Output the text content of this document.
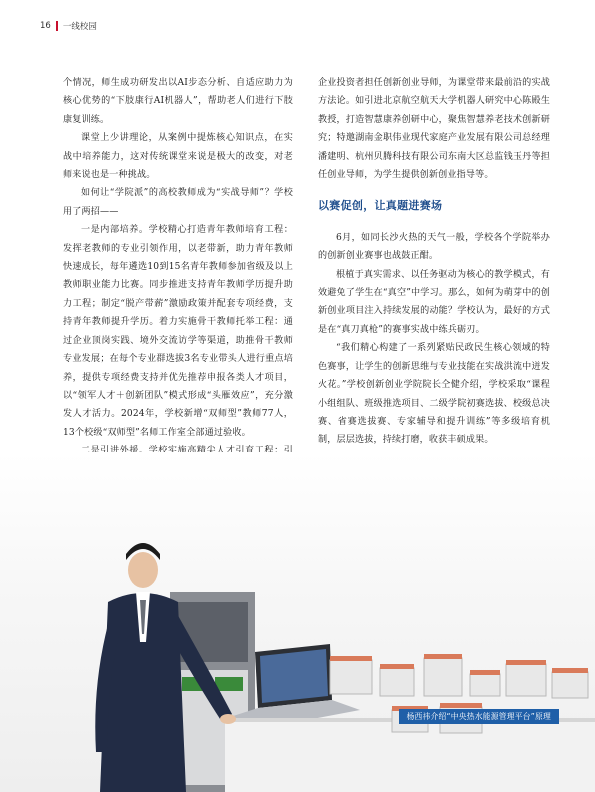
16 一线校园

个情况，师生成功研发出以AI步态分析、自适应助力为核心优势的“下肢康行AI机器人”，帮助老人们进行下肢康复训练。

课堂上少讲理论，从案例中提炼核心知识点，在实战中培养能力，这对传统课堂来说是极大的改变，对老师来说也是一种挑战。

如何让“学院派”的高校教师成为“实战导师”？学校用了两招——

一是内部培养。学校精心打造青年教师培育工程：发挥老教师的专业引领作用，以老带新，助力青年教师快速成长，每年遴选10到15名青年教师参加省级及以上教师职业能力比赛。同步推进支持青年教师学历提升助力工程；制定“脱产带薪”激励政策并配套专项经费，支持青年教师提升学历。着力实施骨干教师托举工程：通过企业顶岗实践、境外交流访学等渠道，助推骨干教师专业发展；在每个专业群选拔3名专业带头人进行重点培养，提供专项经费支持并优先推荐申报各类人才项目，以“领军人才＋创新团队”模式形成“头雁效应”，充分激发人才活力。2024年，学校新增“双师型”教师77人，13个校级“双师型”名师工作室全部通过验收。

企业投资者担任创新创业导师，为课堂带来最前沿的实战方法论。如引进北京航空航天大学机器人研究中心陈殿生教授，打造智慧康养创研中心，聚焦智慧养老技术创新研究；特邀湖南金职伟业现代家庭产业发展有限公司总经理潘建明、杭州贝腾科技有限公司东南大区总监钱玉丹等担任创业导师，为学生提供创新创业指导等。

以赛促创，让真题进赛场

6月，如同长沙火热的天气一般，学校各个学院举办的创新创业赛事也战鼓正酣。

根植于真实需求、以任务驱动为核心的教学模式，有效避免了学生在“真空”中学习。那么，如何为萌芽中的创新创业项目注入持续发展的动能？学校认为，最好的方式是在“真刀真枪”的赛事实战中练兵砺刃。

“我们精心构建了一系列紧贴民政民生核心领域的特色赛事，让学生的创新思维与专业技能在实战洪流中迸发火花。”学校创新创业学院院长仝健介绍，学校采取“课程小组组队、班级推选项目、二级学院初赛选拔、校级总决赛、省赛选拔赛、专家辅导和提升训练”等多级培育机制，层层选拔，持续打磨，收获丰硕成果。

杨西祎介绍“中央热水能源管理平台”原理
